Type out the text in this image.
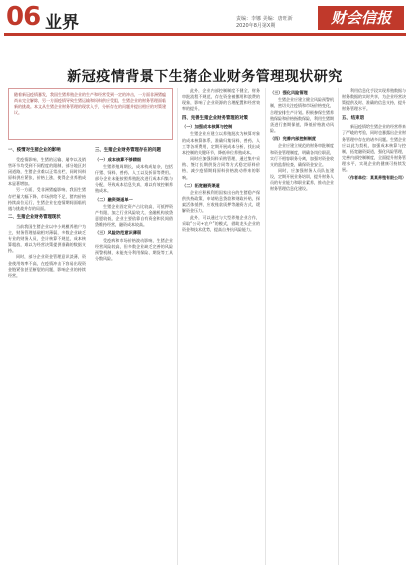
06 业界	责编：李娜 美编：唐旺新
2020年8月第X期	财会信报
新冠疫情背景下生猪企业财务管理现状研究
随着新冠疫情暴发，我国生猪养殖企业的生产和经营受到一定的冲击，一方面非洲猪瘟尚未完全解除，另一方面疫情导致生猪运输和饲料供应受阻，生猪企业的财务管理面临新的挑战。本文从生猪企业财务管理的现状入手，分析存在的问题并提出相应的对策建议。
一、疫情对生猪企业的影响

受疫情影响，生猪的运输、屠宰以及销售环节均受到不同程度的限制，部分地区封闭道路，生猪企业难以正常出栏，同时饲料原料供应紧张，价格上涨，使得企业养殖成本显著增加。

另一方面，受非洲猪瘟影响，我国生猪存栏量大幅下降，市场供给不足，猪肉价格持续高位运行，生猪企业在疫情期间面临机遇与挑战并存的局面。

二、生猪企业财务管理现状

当前我国生猪企业以中小规模养殖户为主，财务管理基础相对薄弱，多数企业缺乏专业的财务人员，会计核算不规范，成本核算粗放，难以为经营决策提供准确的数据支持。

同时，部分企业资金管理意识淡薄，资金使用效率不高，在疫情冲击下容易出现资金链紧张甚至断裂的问题，影响企业的持续经营。

三、生猪企业财务管理存在的问题
（一）成本核算不够精细

生猪养殖周期长，成本构成复杂，包括仔猪、饲料、兽药、人工以及折旧等费用。部分企业未能按照养殖批次进行成本归集与分配，导致成本信息失真，难以有效控制养殖成本。

（二）融资渠道单一

生猪企业固定资产占比较高，可抵押资产有限，加之行业风险较大，金融机构放贷意愿较低，企业主要依靠自有资金和民间借贷维持经营，融资成本较高。

（三）风险防范意识薄弱

受疫病和市场价格波动影响，生猪企业经营风险较高，但多数企业缺乏完善的风险预警机制，未能充分利用保险、期货等工具分散风险。

此外，企业内部控制制度不健全，财务审批流程不规范，存在资金被挪用和浪费的现象，影响了企业资源的合理配置和经营效率的提升。

四、完善生猪企业财务管理的对策
（一）加强成本核算与控制

生猪企业应建立以养殖批次为核算对象的成本核算体系，准确归集饲料、兽药、人工等各项费用，定期开展成本分析，找出成本控制的关键环节，降低单位养殖成本。

同时应加强饲料采购管理，通过集中采购、签订长期供货合同等方式稳定原料价格，减少疫情期间原料价格波动带来的影响。

（二）拓宽融资渠道

企业应积极利用国家出台的生猪稳产保供扶持政策，申请贴息贷款和财政补贴，探索活体抵押、应收账款质押等融资方式，缓解资金压力。

此外，可以通过与大型养殖企业合作，采取“公司+农户”的模式，借助龙头企业的资金和技术优势，提高自身抗风险能力。

（三）强化风险管理

生猪企业应建立健全风险预警机制，密切关注疫情和市场价格变化，合理安排生产计划。积极参保生猪养殖保险和价格指数保险，利用生猪期货进行套期保值，降低价格波动风险。

（四）完善内部控制制度

企业应建立规范的财务审批制度和资金管理制度，明确各岗位职责，实行不相容职务分离，加强对资金收支的监督检查，确保资金安全。

同时，应加强财务人员队伍建设，定期开展业务培训，提升财务人员的专业能力和职业素养，推动企业财务管理信息化建设。

利用信息化手段实现养殖数据与财务数据的实时共享，为企业经营决策提供及时、准确的信息支持，提升财务管理水平。

五、结束语

新冠疫情给生猪企业的经营带来了严峻的考验，同时也暴露出企业财务管理中存在的诸多问题。生猪企业应以此为契机，加强成本核算与控制，拓宽融资渠道，强化风险管理，完善内部控制制度，全面提升财务管理水平，实现企业的健康可持续发展。

（作者单位：某某养殖有限公司）
